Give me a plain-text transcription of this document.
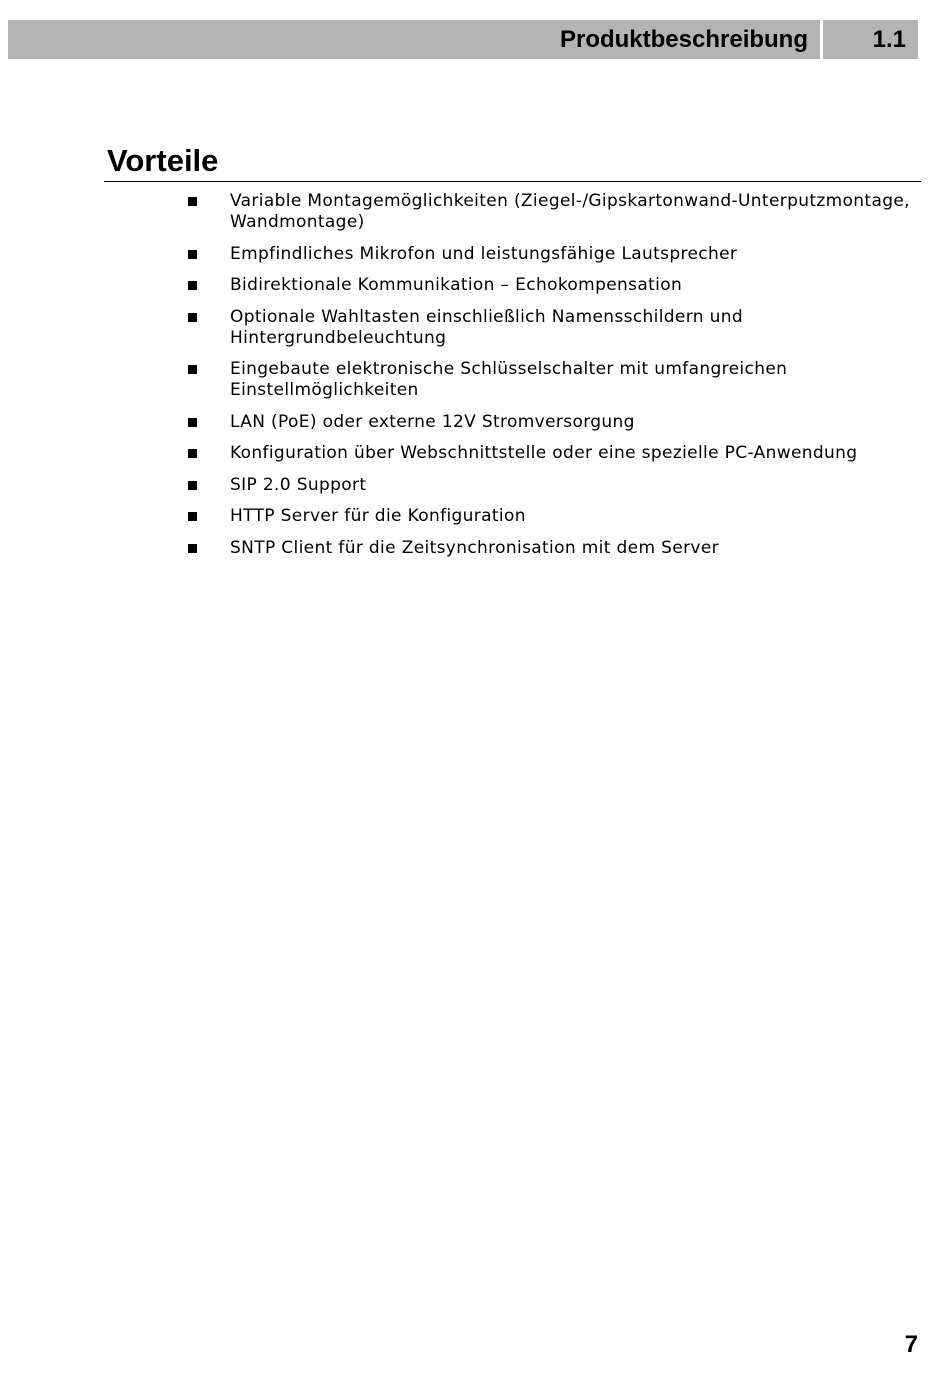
Produktbeschreibung	1.1
Vorteile
Variable Montagemöglichkeiten (Ziegel-/Gipskartonwand-Unterputzmontage, Wandmontage)
Empfindliches Mikrofon und leistungsfähige Lautsprecher
Bidirektionale Kommunikation – Echokompensation
Optionale Wahltasten einschließlich Namensschildern und Hintergrundbeleuchtung
Eingebaute elektronische Schlüsselschalter mit umfangreichen Einstellmöglichkeiten
LAN (PoE) oder externe 12V Stromversorgung
Konfiguration über Webschnittstelle oder eine spezielle PC-Anwendung
SIP 2.0 Support
HTTP Server für die Konfiguration
SNTP Client für die Zeitsynchronisation mit dem Server
7
